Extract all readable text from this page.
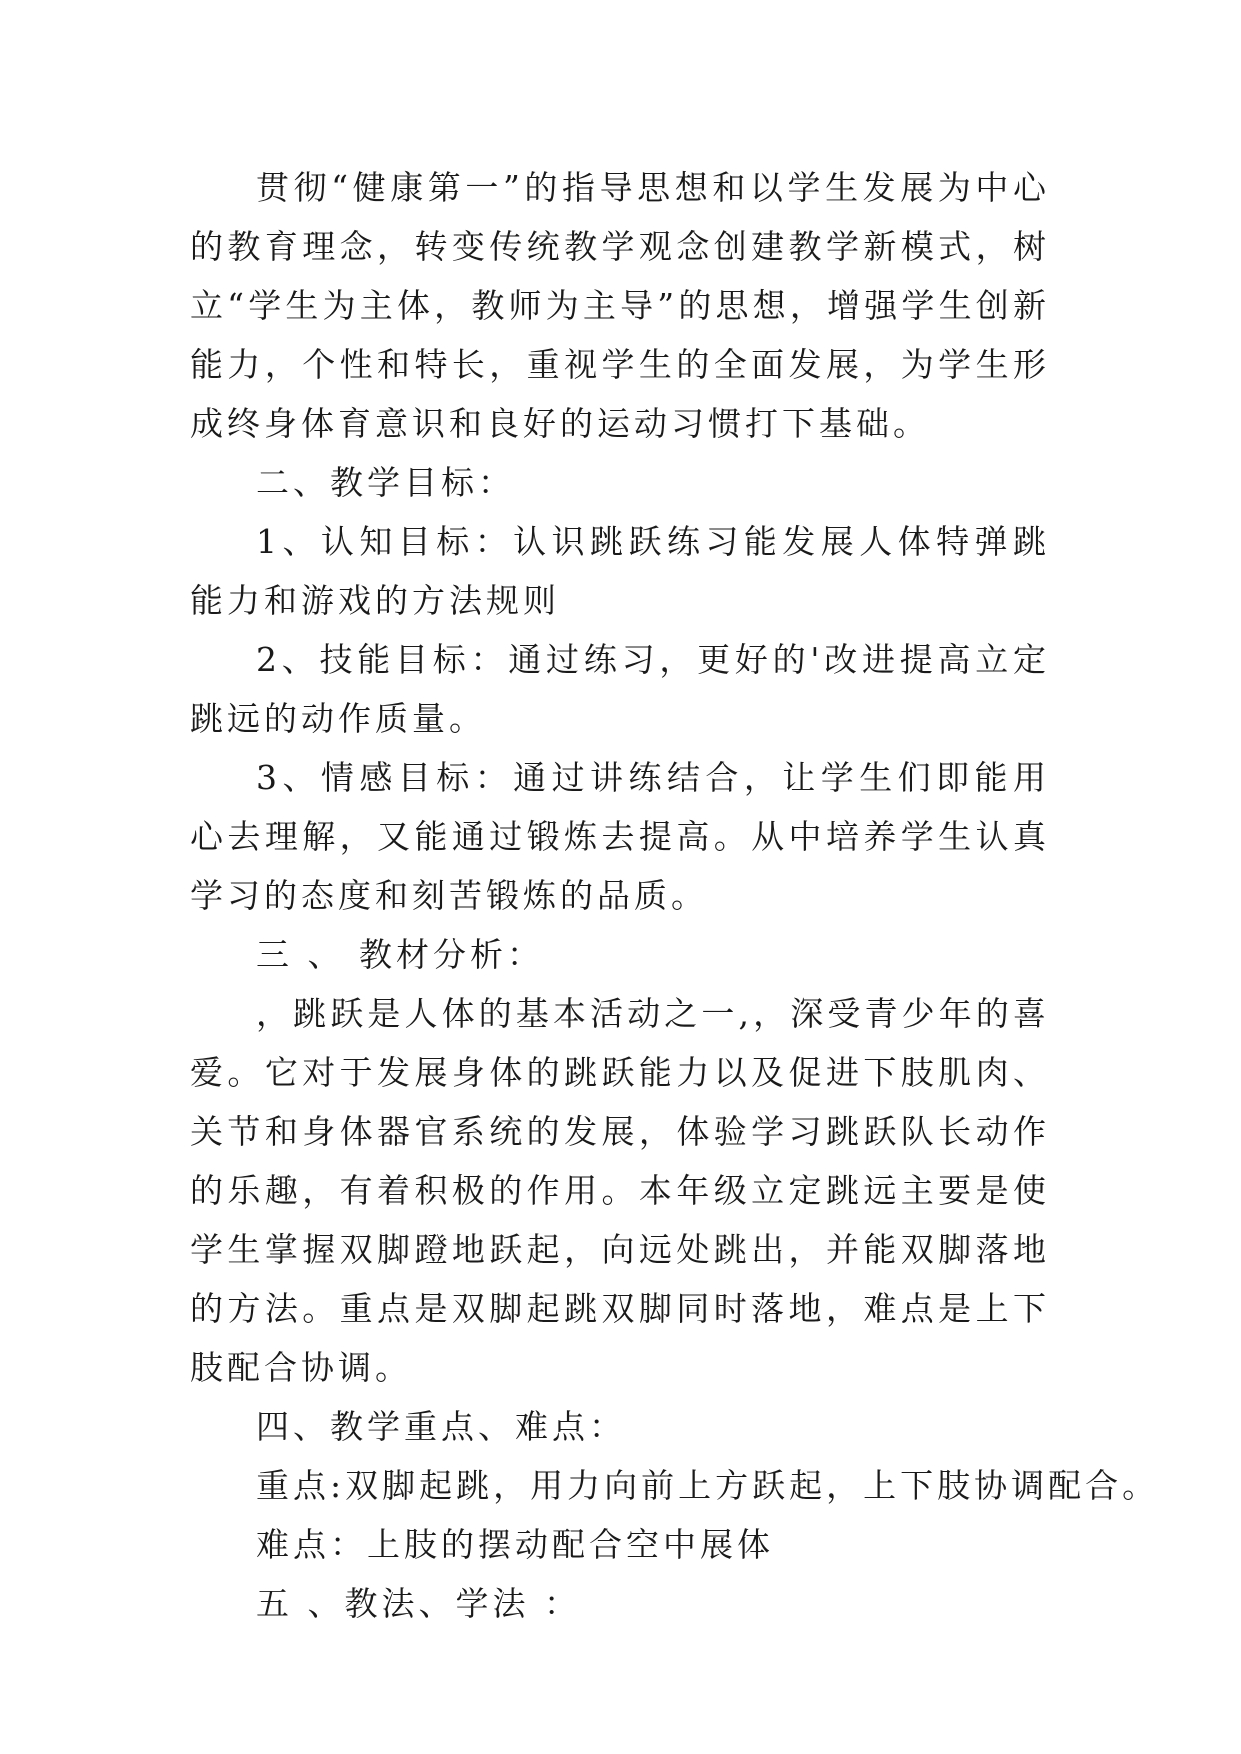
贯彻“健康第一”的指导思想和以学生发展为中心的教育理念，转变传统教学观念创建教学新模式，树立“学生为主体，教师为主导”的思想，增强学生创新能力，个性和特长，重视学生的全面发展，为学生形成终身体育意识和良好的运动习惯打下基础。

二、教学目标：

1、认知目标：认识跳跃练习能发展人体特弹跳能力和游戏的方法规则

2、技能目标：通过练习，更好的'改进提高立定跳远的动作质量。

3、情感目标：通过讲练结合，让学生们即能用心去理解，又能通过锻炼去提高。从中培养学生认真学习的态度和刻苦锻炼的品质。

三 、 教材分析：

，跳跃是人体的基本活动之一,，深受青少年的喜爱。它对于发展身体的跳跃能力以及促进下肢肌肉、关节和身体器官系统的发展，体验学习跳跃队长动作的乐趣，有着积极的作用。本年级立定跳远主要是使学生掌握双脚蹬地跃起，向远处跳出，并能双脚落地的方法。重点是双脚起跳双脚同时落地，难点是上下肢配合协调。

四、教学重点、难点：

重点:双脚起跳，用力向前上方跃起，上下肢协调配合。

难点：上肢的摆动配合空中展体

五 、教法、学法 ：
